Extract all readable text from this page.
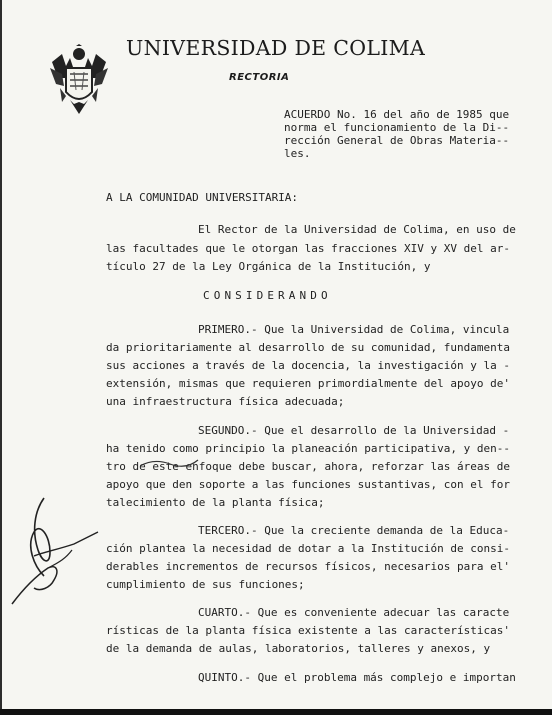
UNIVERSIDAD DE COLIMA
RECTORIA
ACUERDO No. 16 del año de 1985 que
norma el funcionamiento de la Di--
rección General de Obras Materia--
les.
A LA COMUNIDAD UNIVERSITARIA:
El Rector de la Universidad de Colima, en uso de
las facultades que le otorgan las fracciones XIV y XV del ar-
tículo 27 de la Ley Orgánica de la Institución, y
CONSIDERANDO
PRIMERO.- Que la Universidad de Colima, vincula
da prioritariamente al desarrollo de su comunidad, fundamenta
sus acciones a través de la docencia, la investigación y la -
extensión, mismas que requieren primordialmente del apoyo de'
una infraestructura física adecuada;
SEGUNDO.- Que el desarrollo de la Universidad -
ha tenido como principio la planeación participativa, y den--
tro de este enfoque debe buscar, ahora, reforzar las áreas de
apoyo que den soporte a las funciones sustantivas, con el for
talecimiento de la planta física;
TERCERO.- Que la creciente demanda de la Educa-
ción plantea la necesidad de dotar a la Institución de consi-
derables incrementos de recursos físicos, necesarios para el'
cumplimiento de sus funciones;
CUARTO.- Que es conveniente adecuar las caracte
rísticas de la planta física existente a las características'
de la demanda de aulas, laboratorios, talleres y anexos, y
QUINTO.- Que el problema más complejo e importan
